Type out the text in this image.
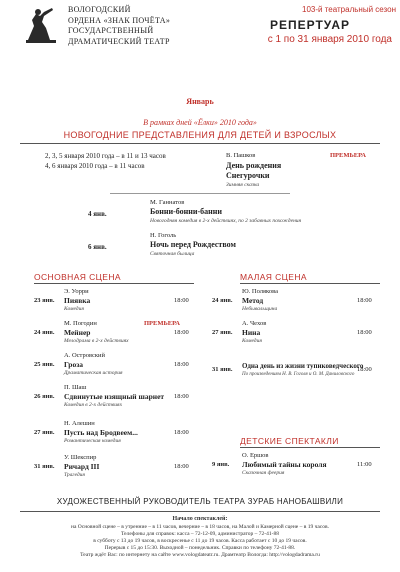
ВОЛОГОДСКИЙ
ОРДЕНА «ЗНАК ПОЧЁТА»
ГОСУДАРСТВЕННЫЙ
ДРАМАТИЧЕСКИЙ ТЕАТР
103-й театральный сезон
РЕПЕРТУАР
с 1 по 31 января 2010 года
Январь
В рамках дней «Ёлки» 2010 года»
НОВОГОДНИЕ ПРЕДСТАВЛЕНИЯ ДЛЯ ДЕТЕЙ И ВЗРОСЛЫХ
2, 3, 5 января 2010 года – в 11 и 13 часов
4, 6 января 2010 года – в 11 часов
В. Пашков	ПРЕМЬЕРА
День рождения
Снегурочки
Зимняя сказка
М. Ганнатов
4 янв.	Бонни-бонни-банни
Новогодняя комедия в 2-х действиях, по 2 забавных похождения
Н. Гоголь
6 янв.	Ночь перед Рождеством
Святочная былица
ОСНОВНАЯ СЦЕНА	МАЛАЯ СЦЕНА
23 янв.
Э. Уорри
Пиявка
Комедия
18:00
24 янв.
М. Погодин	ПРЕМЬЕРА
Мейнер
Мелодрама в 2-х действиях
18:00
25 янв.
А. Островский
Гроза
Драматическая история
18:00
26 янв.
П. Шаш
Сдвинутые изящный шарнет
Комедия в 2-х действиях
18:00
27 янв.
Н. Алешин
Пусть над Бродвеем...
Романтическая комедия
18:00
31 янв.
У. Шекспир
Ричард III
Трагедия
18:00
24 янв.
Ю. Полякова
Метод
Небывальщина
18:00
27 янв.
А. Чехов
Нина
Комедия
18:00
31 янв. Одна день из жизни тупиковедческого
По произведениям Н. В. Гоголя и О. М. Даниловского
18:00
ДЕТСКИЕ СПЕКТАКЛИ
9 янв.
О. Ершов
Любимый тайны короля
Сказочная феерия
11:00
ХУДОЖЕСТВЕННЫЙ РУКОВОДИТЕЛЬ ТЕАТРА ЗУРАБ НАНОБАШВИЛИ
Начало спектаклей:
на Основной сцене – в утренние – в 11 часов, вечерние – в 18 часов, на Малой и Камерной сцене – в 19 часов.
Телефоны для справок: касса – 72-12-09, администратор – 72-41-88
в субботу с 13 до 19 часов, в воскресенье с 11 до 19 часов. Касса работает с 10 до 19 часов.
Перерыв с 15 до 15:30. Выходной – понедельник. Справки по телефону 72-41-88.
Театр ждёт Вас: по интернету на сайте www.vologdateatr.ru. Драмтеатр Вологда: http://vologdadrama.ru
